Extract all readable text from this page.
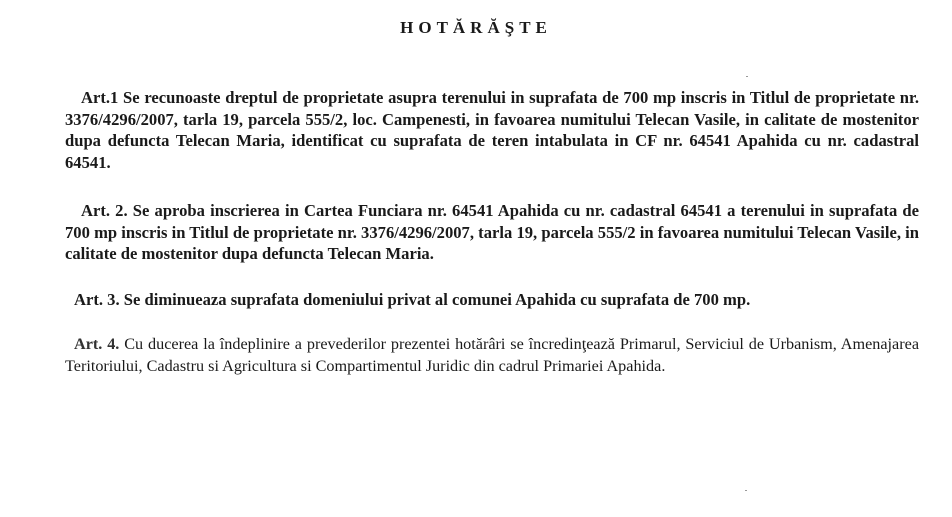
HOTĂRĂŞTE

Art.1 Se recunoaste dreptul de proprietate asupra terenului in suprafata de 700 mp inscris in Titlul de proprietate nr. 3376/4296/2007, tarla 19, parcela 555/2, loc. Campenesti, in favoarea numitului Telecan Vasile, in calitate de mostenitor dupa defuncta Telecan Maria, identificat cu suprafata de teren intabulata in CF nr. 64541 Apahida cu nr. cadastral 64541.

Art. 2. Se aproba inscrierea in Cartea Funciara nr. 64541 Apahida cu nr. cadastral 64541 a terenului in suprafata de 700 mp inscris in Titlul de proprietate nr. 3376/4296/2007, tarla 19, parcela 555/2 in favoarea numitului Telecan Vasile, in calitate de mostenitor dupa defuncta Telecan Maria.

Art. 3. Se diminueaza suprafata domeniului privat al comunei Apahida cu suprafata de 700 mp.

Art. 4. Cu ducerea la îndeplinire a prevederilor prezentei hotărâri se încredinţează Primarul, Serviciul de Urbanism, Amenajarea Teritoriului, Cadastru si Agricultura si Compartimentul Juridic din cadrul Primariei Apahida.
